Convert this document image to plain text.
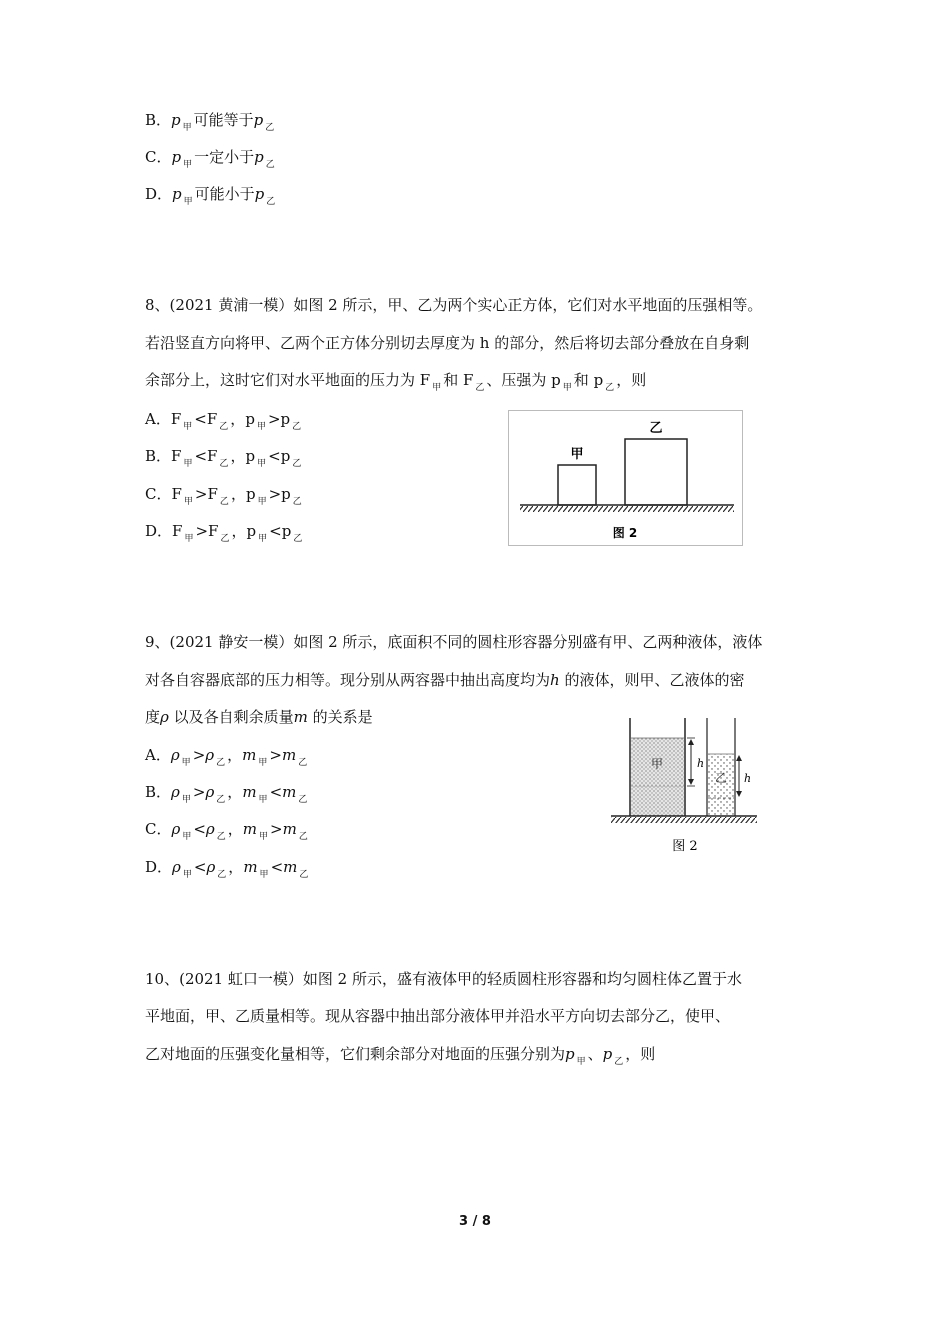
B．p $_甲$ 可能等于p $_乙$
C．p $_甲$ 一定小于p $_乙$
D．p $_甲$ 可能小于p $_乙$
8、(2021 黄浦一模）如图 2 所示，甲、乙为两个实心正方体，它们对水平地面的压强相等。
若沿竖直方向将甲、乙两个正方体分别切去厚度为 h 的部分，然后将切去部分叠放在自身剩
余部分上，这时它们对水平地面的压力为 F $_甲$ 和 F $_乙$ 、压强为 p $_甲$ 和 p $_乙$ ，则
A．F $_甲$ <F $_乙$ ，p $_甲$ >p $_乙$
B．F $_甲$ <F $_乙$ ，p $_甲$ <p $_乙$
C．F $_甲$ >F $_乙$ ，p $_甲$ >p $_乙$
D．F $_甲$ >F $_乙$ ，p $_甲$ <p $_乙$
甲
乙
图 2
9、(2021 静安一模）如图 2 所示，底面积不同的圆柱形容器分别盛有甲、乙两种液体，液体
对各自容器底部的压力相等。现分别从两容器中抽出高度均为h 的液体，则甲、乙液体的密
度ρ 以及各自剩余质量m 的关系是
A．ρ $_甲$ >ρ $_乙$ ，m $_甲$ >m $_乙$
B．ρ $_甲$ >ρ $_乙$ ，m $_甲$ <m $_乙$
C．ρ $_甲$ <ρ $_乙$ ，m $_甲$ >m $_乙$
D．ρ $_甲$ <ρ $_乙$ ，m $_甲$ <m $_乙$
甲	h
乙 h
图 2
10、(2021 虹口一模）如图 2 所示，盛有液体甲的轻质圆柱形容器和均匀圆柱体乙置于水
平地面，甲、乙质量相等。现从容器中抽出部分液体甲并沿水平方向切去部分乙，使甲、
乙对地面的压强变化量相等，它们剩余部分对地面的压强分别为p $_甲$ 、p $_乙$ ，则
3 / 8
